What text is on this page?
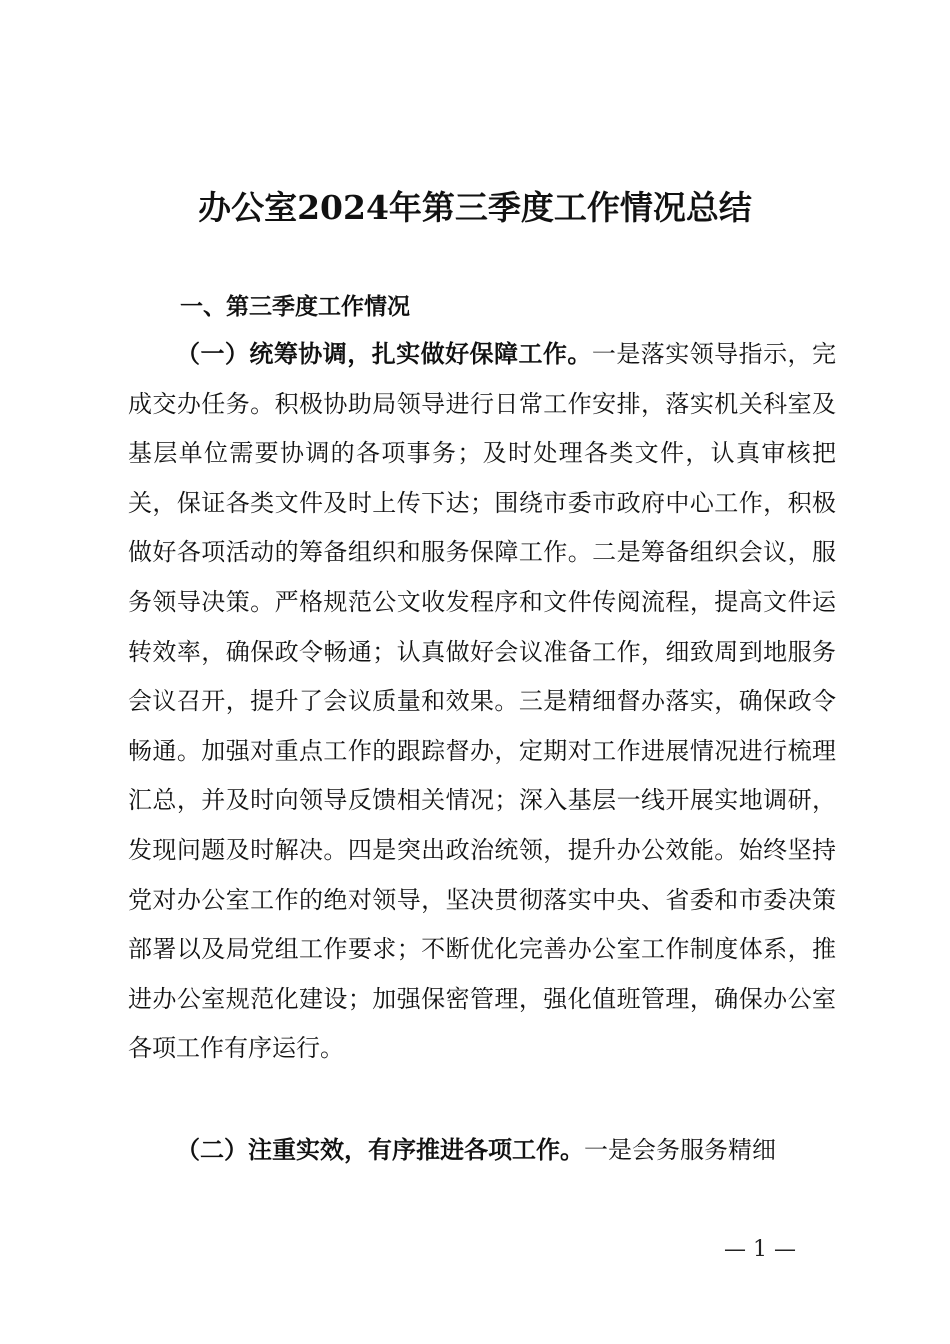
办公室2024年第三季度工作情况总结
一、第三季度工作情况

（一）统筹协调，扎实做好保障工作。一是落实领导指示，完成交办任务。积极协助局领导进行日常工作安排，落实机关科室及基层单位需要协调的各项事务；及时处理各类文件，认真审核把关，保证各类文件及时上传下达；围绕市委市政府中心工作，积极做好各项活动的筹备组织和服务保障工作。二是筹备组织会议，服务领导决策。严格规范公文收发程序和文件传阅流程，提高文件运转效率，确保政令畅通；认真做好会议准备工作，细致周到地服务会议召开，提升了会议质量和效果。三是精细督办落实，确保政令畅通。加强对重点工作的跟踪督办，定期对工作进展情况进行梳理汇总，并及时向领导反馈相关情况；深入基层一线开展实地调研，发现问题及时解决。四是突出政治统领，提升办公效能。始终坚持党对办公室工作的绝对领导，坚决贯彻落实中央、省委和市委决策部署以及局党组工作要求；不断优化完善办公室工作制度体系，推进办公室规范化建设；加强保密管理，强化值班管理，确保办公室各项工作有序运行。

（二）注重实效，有序推进各项工作。一是会务服务精细

— 1 —
